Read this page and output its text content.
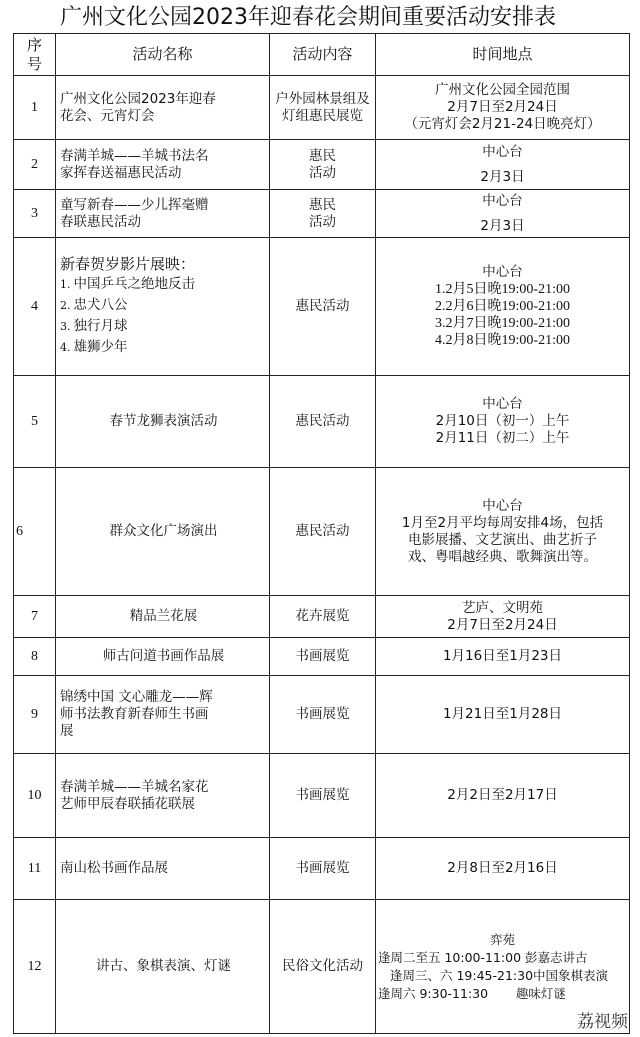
广州文化公园2023年迎春花会期间重要活动安排表
序
号	活动名称	活动内容	时间地点
1	广州文化公园2023年迎春
花会、元宵灯会	户外园林景组及
灯组惠民展览	广州文化公园全园范围
2月7日至2月24日
（元宵灯会2月21-24日晚亮灯）

2	春满羊城——羊城书法名
家挥春送福惠民活动	惠民
活动	中心台
2月3日

3	童写新春——少儿挥毫赠
春联惠民活动	惠民
活动	中心台
2月3日

4	新春贺岁影片展映：
1. 中国乒乓之绝地反击
2. 忠犬八公
3. 独行月球
4. 雄狮少年	惠民活动	中心台
1.2月5日晚19:00-21:00
2.2月6日晚19:00-21:00
3.2月7日晚19:00-21:00
4.2月8日晚19:00-21:00

5	春节龙狮表演活动	惠民活动	中心台
2月10日（初一）上午
2月11日（初二）上午

6	群众文化广场演出	惠民活动	中心台
1月至2月平均每周安排4场，包括
电影展播、文艺演出、曲艺折子
戏、粤唱越经典、歌舞演出等。

7	精品兰花展	花卉展览	艺庐、文明苑
2月7日至2月24日

8	师古问道书画作品展	书画展览	1月16日至1月23日

9	锦绣中国 文心雕龙——辉
师书法教育新春师生书画
展	书画展览	1月21日至1月28日

10	春满羊城——羊城名家花
艺师甲辰春联插花联展	书画展览	2月2日至2月17日

11	南山松书画作品展	书画展览	2月8日至2月16日

12	讲古、象棋表演、灯谜	民俗文化活动	弈苑
逢周二至五 10:00-11:00 彭嘉志讲古
逢周三、六 19:45-21:30中国象棋表演
逢周六 9:30-11:30       趣味灯谜
荔视频
